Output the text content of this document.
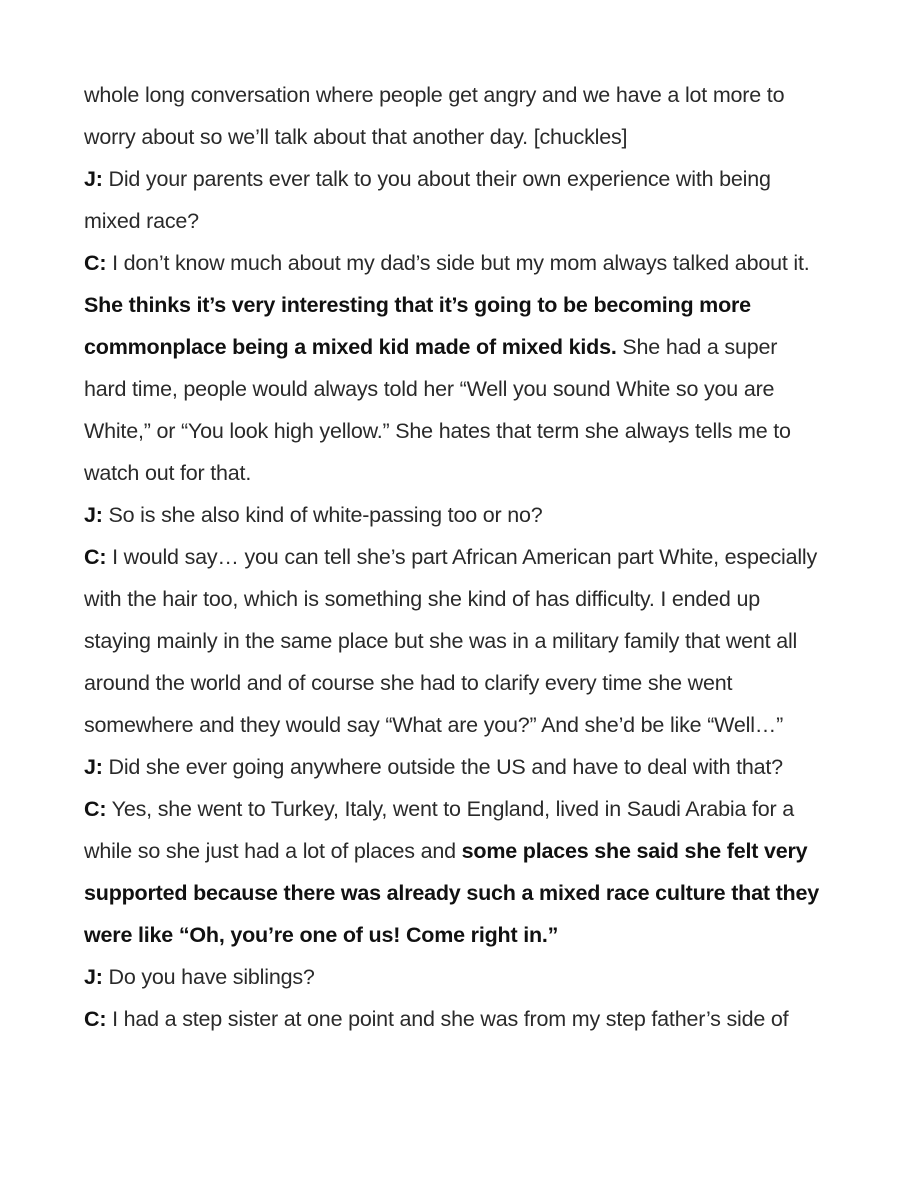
whole long conversation where people get angry and we have a lot more to worry about so we’ll talk about that another day. [chuckles]

J: Did your parents ever talk to you about their own experience with being mixed race?

C: I don’t know much about my dad’s side but my mom always talked about it.

She thinks it’s very interesting that it’s going to be becoming more commonplace being a mixed kid made of mixed kids. She had a super hard time, people would always told her “Well you sound White so you are White,” or “You look high yellow.” She hates that term she always tells me to watch out for that.

J: So is she also kind of white-passing too or no?

C: I would say… you can tell she’s part African American part White, especially with the hair too, which is something she kind of has difficulty. I ended up staying mainly in the same place but she was in a military family that went all around the world and of course she had to clarify every time she went somewhere and they would say “What are you?” And she’d be like “Well…”

J: Did she ever going anywhere outside the US and have to deal with that?

C: Yes, she went to Turkey, Italy, went to England, lived in Saudi Arabia for a while so she just had a lot of places and some places she said she felt very supported because there was already such a mixed race culture that they were like “Oh, you’re one of us! Come right in.”

J: Do you have siblings?

C: I had a step sister at one point and she was from my step father’s side of
